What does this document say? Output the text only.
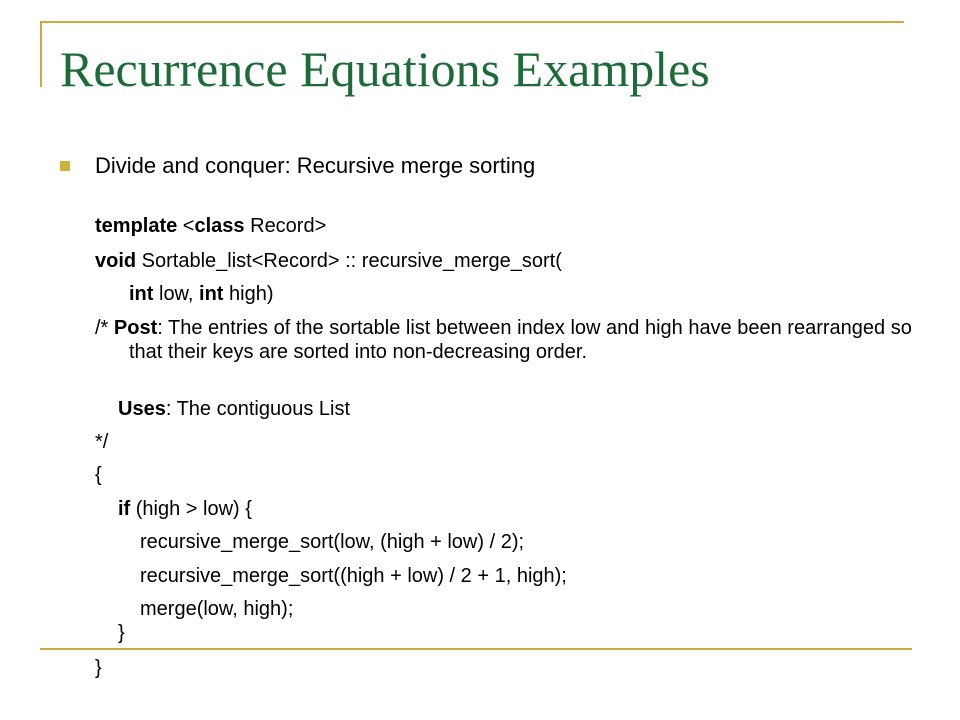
Recurrence Equations Examples
Divide and conquer: Recursive merge sorting
template <class Record>
void Sortable_list<Record> :: recursive_merge_sort(
int low, int high)
/* Post: The entries of the sortable list between index low and high have been rearranged so that their keys are sorted into non-decreasing order.
Uses: The contiguous List
*/
{
if (high > low) {
recursive_merge_sort(low, (high + low) / 2);
recursive_merge_sort((high + low) / 2 + 1, high);
merge(low, high);
}
}
